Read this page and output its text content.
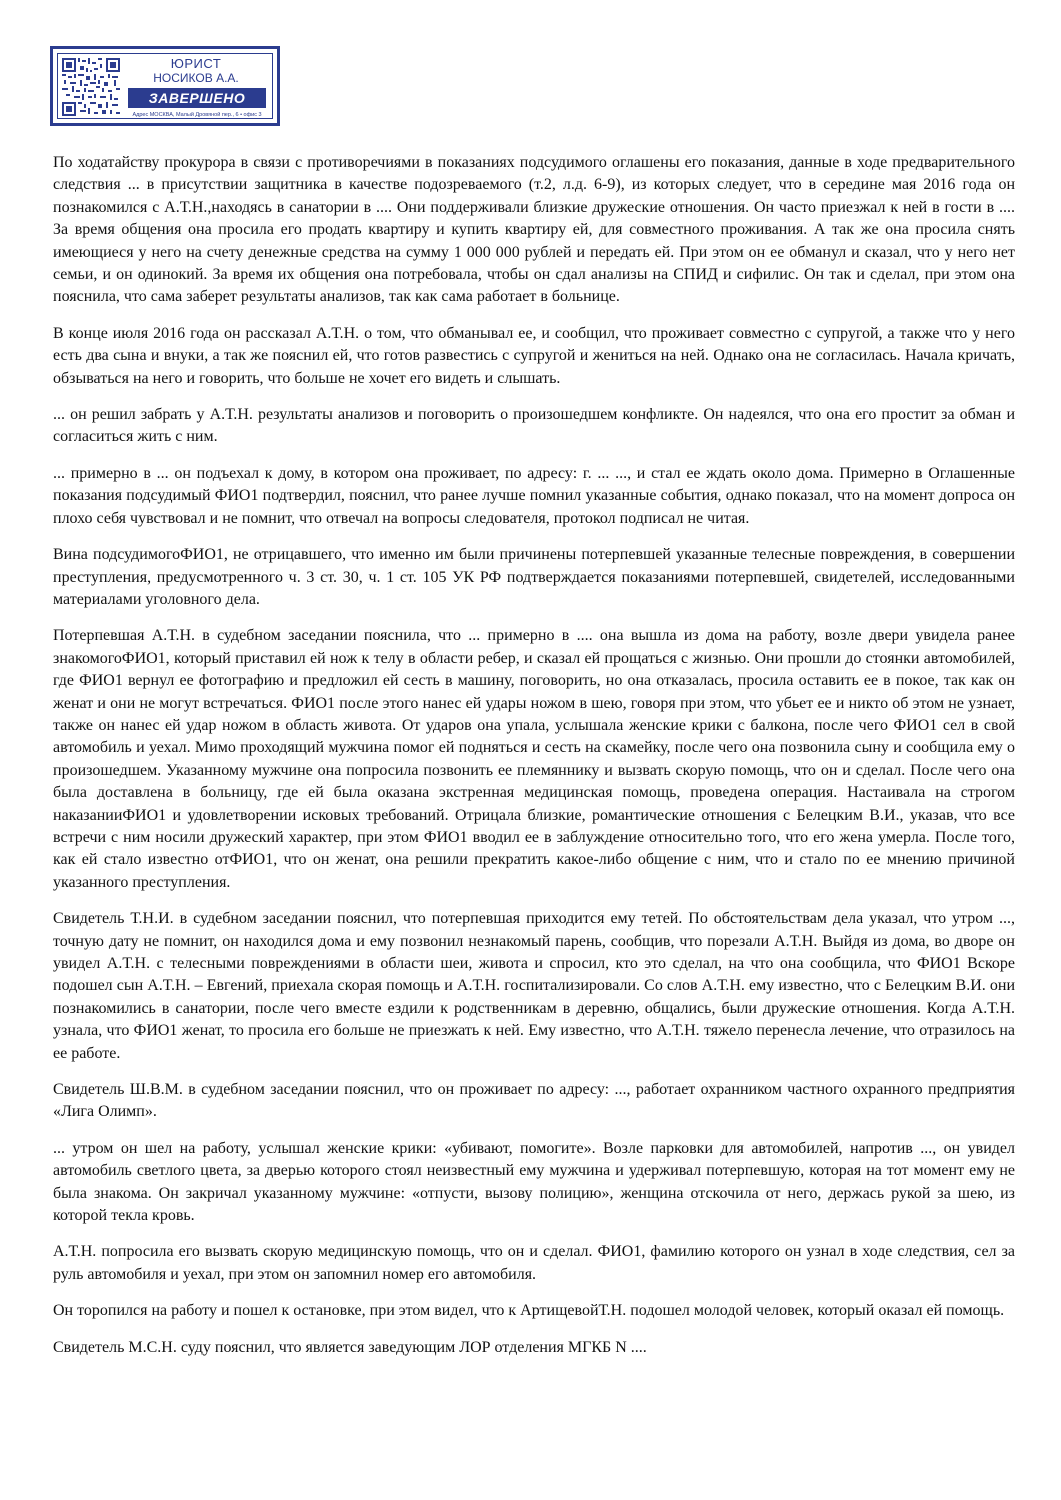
ЮРИСТ
НОСИКОВ А.А.
ЗАВЕРШЕНО
Адрес МОСКВА, Малый Дровяной пер., 6 • офис 3

По ходатайству прокурора в связи с противоречиями в показаниях подсудимого оглашены его показания, данные в ходе предварительного следствия ... в присутствии защитника в качестве подозреваемого (т.2, л.д. 6-9), из которых следует, что в середине мая 2016 года он познакомился с А.Т.Н.,находясь в санатории в .... Они поддерживали близкие дружеские отношения. Он часто приезжал к ней в гости в .... За время общения она просила его продать квартиру и купить квартиру ей, для совместного проживания. А так же она просила снять имеющиеся у него на счету денежные средства на сумму 1 000 000 рублей и передать ей. При этом он ее обманул и сказал, что у него нет семьи, и он одинокий. За время их общения она потребовала, чтобы он сдал анализы на СПИД и сифилис. Он так и сделал, при этом она пояснила, что сама заберет результаты анализов, так как сама работает в больнице.

В конце июля 2016 года он рассказал А.Т.Н. о том, что обманывал ее, и сообщил, что проживает совместно с супругой, а также что у него есть два сына и внуки, а так же пояснил ей, что готов развестись с супругой и жениться на ней. Однако она не согласилась. Начала кричать, обзываться на него и говорить, что больше не хочет его видеть и слышать.

... он решил забрать у А.Т.Н. результаты анализов и поговорить о произошедшем конфликте. Он надеялся, что она его простит за обман и согласиться жить с ним.

... примерно в ... он подъехал к дому, в котором она проживает, по адресу: г. ... ..., и стал ее ждать около дома. Примерно в Оглашенные показания подсудимый ФИО1 подтвердил, пояснил, что ранее лучше помнил указанные события, однако показал, что на момент допроса он плохо себя чувствовал и не помнит, что отвечал на вопросы следователя, протокол подписал не читая.

Вина подсудимогоФИО1, не отрицавшего, что именно им были причинены потерпевшей указанные телесные повреждения, в совершении преступления, предусмотренного ч. 3 ст. 30, ч. 1 ст. 105 УК РФ подтверждается показаниями потерпевшей, свидетелей, исследованными материалами уголовного дела.

Потерпевшая А.Т.Н. в судебном заседании пояснила, что ... примерно в .... она вышла из дома на работу, возле двери увидела ранее знакомогоФИО1, который приставил ей нож к телу в области ребер, и сказал ей прощаться с жизнью. Они прошли до стоянки автомобилей, где ФИО1 вернул ее фотографию и предложил ей сесть в машину, поговорить, но она отказалась, просила оставить ее в покое, так как он женат и они не могут встречаться. ФИО1 после этого нанес ей удары ножом в шею, говоря при этом, что убьет ее и никто об этом не узнает, также он нанес ей удар ножом в область живота. От ударов она упала, услышала женские крики с балкона, после чего ФИО1 сел в свой автомобиль и уехал. Мимо проходящий мужчина помог ей подняться и сесть на скамейку, после чего она позвонила сыну и сообщила ему о произошедшем. Указанному мужчине она попросила позвонить ее племяннику и вызвать скорую помощь, что он и сделал. После чего она была доставлена в больницу, где ей была оказана экстренная медицинская помощь, проведена операция. Настаивала на строгом наказанииФИО1 и удовлетворении исковых требований. Отрицала близкие, романтические отношения с Белецким В.И., указав, что все встречи с ним носили дружеский характер, при этом ФИО1 вводил ее в заблуждение относительно того, что его жена умерла. После того, как ей стало известно отФИО1, что он женат, она решили прекратить какое-либо общение с ним, что и стало по ее мнению причиной указанного преступления.

Свидетель Т.Н.И. в судебном заседании пояснил, что потерпевшая приходится ему тетей. По обстоятельствам дела указал, что утром ..., точную дату не помнит, он находился дома и ему позвонил незнакомый парень, сообщив, что порезали А.Т.Н. Выйдя из дома, во дворе он увидел А.Т.Н. с телесными повреждениями в области шеи, живота и спросил, кто это сделал, на что она сообщила, что ФИО1 Вскоре подошел сын А.Т.Н. – Евгений, приехала скорая помощь и А.Т.Н. госпитализировали. Со слов А.Т.Н. ему известно, что с Белецким В.И. они познакомились в санатории, после чего вместе ездили к родственникам в деревню, общались, были дружеские отношения. Когда А.Т.Н. узнала, что ФИО1 женат, то просила его больше не приезжать к ней. Ему известно, что А.Т.Н. тяжело перенесла лечение, что отразилось на ее работе.

Свидетель Ш.В.М. в судебном заседании пояснил, что он проживает по адресу: ..., работает охранником частного охранного предприятия «Лига Олимп».

... утром он шел на работу, услышал женские крики: «убивают, помогите». Возле парковки для автомобилей, напротив ..., он увидел автомобиль светлого цвета, за дверью которого стоял неизвестный ему мужчина и удерживал потерпевшую, которая на тот момент ему не была знакома. Он закричал указанному мужчине: «отпусти, вызову полицию», женщина отскочила от него, держась рукой за шею, из которой текла кровь.

А.Т.Н. попросила его вызвать скорую медицинскую помощь, что он и сделал. ФИО1, фамилию которого он узнал в ходе следствия, сел за руль автомобиля и уехал, при этом он запомнил номер его автомобиля.

Он торопился на работу и пошел к остановке, при этом видел, что к АртищевойТ.Н. подошел молодой человек, который оказал ей помощь.

Свидетель М.С.Н. суду пояснил, что является заведующим ЛОР отделения МГКБ N ....
